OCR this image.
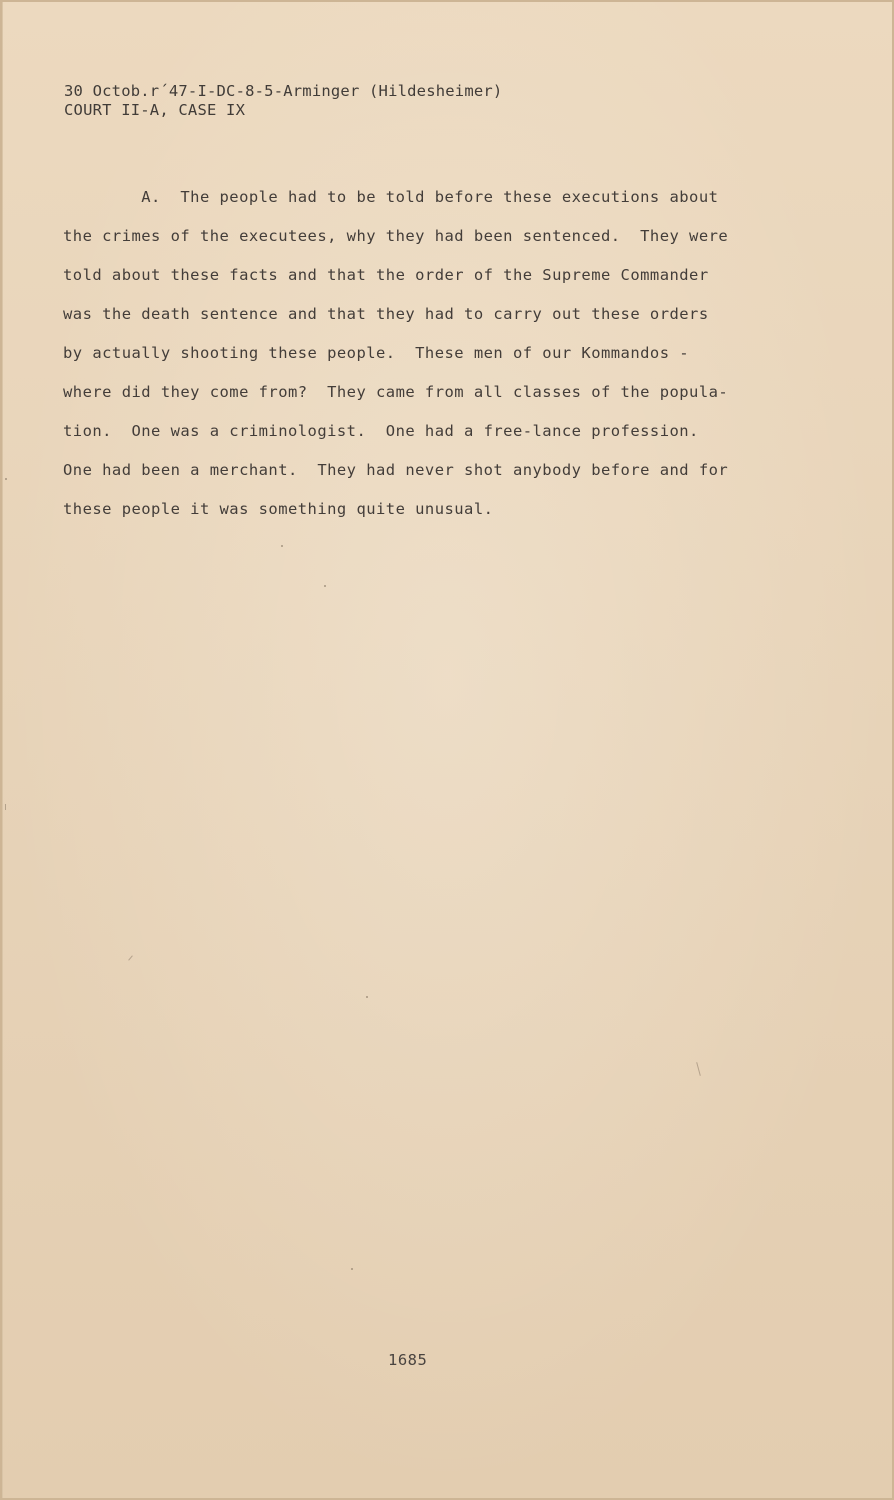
30 Octob.r´47-I-DC-8-5-Arminger (Hildesheimer)
COURT II-A, CASE IX
A.  The people had to be told before these executions about
the crimes of the executees, why they had been sentenced.  They were
told about these facts and that the order of the Supreme Commander
was the death sentence and that they had to carry out these orders
by actually shooting these people.  These men of our Kommandos -
where did they come from?  They came from all classes of the popula-
tion.  One was a criminologist.  One had a free-lance profession.
One had been a merchant.  They had never shot anybody before and for
these people it was something quite unusual.
1685
